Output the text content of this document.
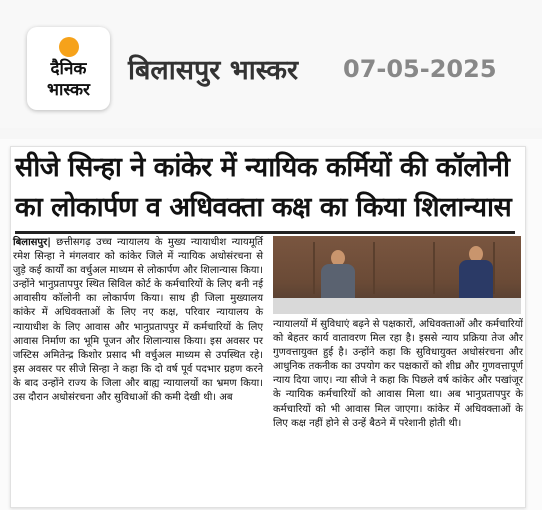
दैनिक
भास्कर
बिलासपुर भास्कर 07-05-2025
सीजे सिन्हा ने कांकेर में न्यायिक कर्मियों की कॉलोनी
का लोकार्पण व अधिवक्ता कक्ष का किया शिलान्यास
बिलासपुर| छत्तीसगढ़ उच्च न्यायालय के मुख्य न्यायाधीश न्यायमूर्ति रमेश सिन्हा ने मंगलवार को कांकेर जिले में न्यायिक अधोसंरचना से जुड़े कई कार्यों का वर्चुअल माध्यम से लोकार्पण और शिलान्यास किया। उन्होंने भानुप्रतापपुर स्थित सिविल कोर्ट के कर्मचारियों के लिए बनी नई आवासीय कॉलोनी का लोकार्पण किया। साथ ही जिला मुख्यालय कांकेर में अधिवक्ताओं के लिए नए कक्ष, परिवार न्यायालय के न्यायाधीश के लिए आवास और भानुप्रतापपुर में कर्मचारियों के लिए आवास निर्माण का भूमि पूजन और शिलान्यास किया। इस अवसर पर जस्टिस अमितेन्द्र किशोर प्रसाद भी वर्चुअल माध्यम से उपस्थित रहे। इस अवसर पर सीजे सिन्हा ने कहा कि दो वर्ष पूर्व पदभार ग्रहण करने के बाद उन्होंने राज्य के जिला और बाह्य न्यायालयों का भ्रमण किया। उस दौरान अधोसंरचना और सुविधाओं की कमी देखी थी। अब
न्यायालयों में सुविधाएं बढ़ने से पक्षकारों, अधिवक्ताओं और कर्मचारियों को बेहतर कार्य वातावरण मिल रहा है। इससे न्याय प्रक्रिया तेज और गुणवत्तायुक्त हुई है। उन्होंने कहा कि सुविधायुक्त अधोसंरचना और आधुनिक तकनीक का उपयोग कर पक्षकारों को शीघ्र और गुणवत्तापूर्ण न्याय दिया जाए। न्या सीजे ने कहा कि पिछले वर्ष कांकेर और पखांजूर के न्यायिक कर्मचारियों को आवास मिला था। अब भानुप्रतापपुर के कर्मचारियों को भी आवास मिल जाएगा। कांकेर में अधिवक्ताओं के लिए कक्ष नहीं होने से उन्हें बैठने में परेशानी होती थी।
